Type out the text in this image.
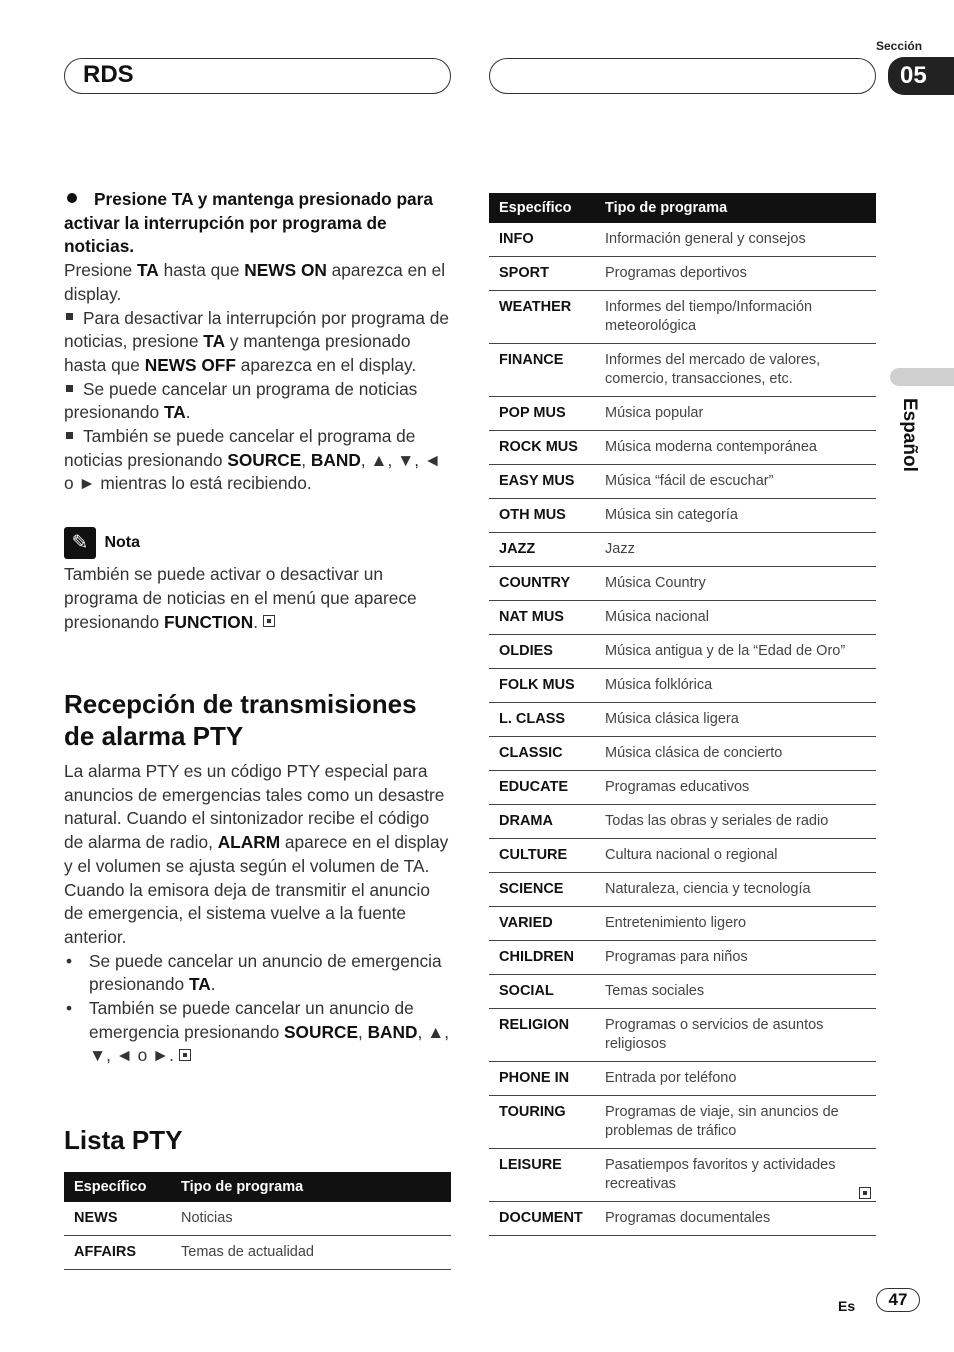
RDS
Sección
05
Español
Presione TA y mantenga presionado para activar la interrupción por programa de noticias.
Presione TA hasta que NEWS ON aparezca en el display.
Para desactivar la interrupción por programa de noticias, presione TA y mantenga presionado hasta que NEWS OFF aparezca en el display.
Se puede cancelar un programa de noticias presionando TA.
También se puede cancelar el programa de noticias presionando SOURCE, BAND, ▲, ▼, ◄ o ► mientras lo está recibiendo.
✎ Nota
También se puede activar o desactivar un programa de noticias en el menú que aparece presionando FUNCTION.
Recepción de transmisiones de alarma PTY
La alarma PTY es un código PTY especial para anuncios de emergencias tales como un desastre natural. Cuando el sintonizador recibe el código de alarma de radio, ALARM aparece en el display y el volumen se ajusta según el volumen de TA. Cuando la emisora deja de transmitir el anuncio de emergencia, el sistema vuelve a la fuente anterior.
• Se puede cancelar un anuncio de emergencia presionando TA.
• También se puede cancelar un anuncio de emergencia presionando SOURCE, BAND, ▲, ▼, ◄ o ►.
Lista PTY
Específico	Tipo de programa
NEWS	Noticias
AFFAIRS	Temas de actualidad
Específico	Tipo de programa
INFO	Información general y consejos
SPORT	Programas deportivos
WEATHER	Informes del tiempo/Información meteorológica
FINANCE	Informes del mercado de valores, comercio, transacciones, etc.
POP MUS	Música popular
ROCK MUS	Música moderna contemporánea
EASY MUS	Música “fácil de escuchar”
OTH MUS	Música sin categoría
JAZZ	Jazz
COUNTRY	Música Country
NAT MUS	Música nacional
OLDIES	Música antigua y de la “Edad de Oro”
FOLK MUS	Música folklórica
L. CLASS	Música clásica ligera
CLASSIC	Música clásica de concierto
EDUCATE	Programas educativos
DRAMA	Todas las obras y seriales de radio
CULTURE	Cultura nacional o regional
SCIENCE	Naturaleza, ciencia y tecnología
VARIED	Entretenimiento ligero
CHILDREN	Programas para niños
SOCIAL	Temas sociales
RELIGION	Programas o servicios de asuntos religiosos
PHONE IN	Entrada por teléfono
TOURING	Programas de viaje, sin anuncios de problemas de tráfico
LEISURE	Pasatiempos favoritos y actividades recreativas
DOCUMENT	Programas documentales
Es	47
